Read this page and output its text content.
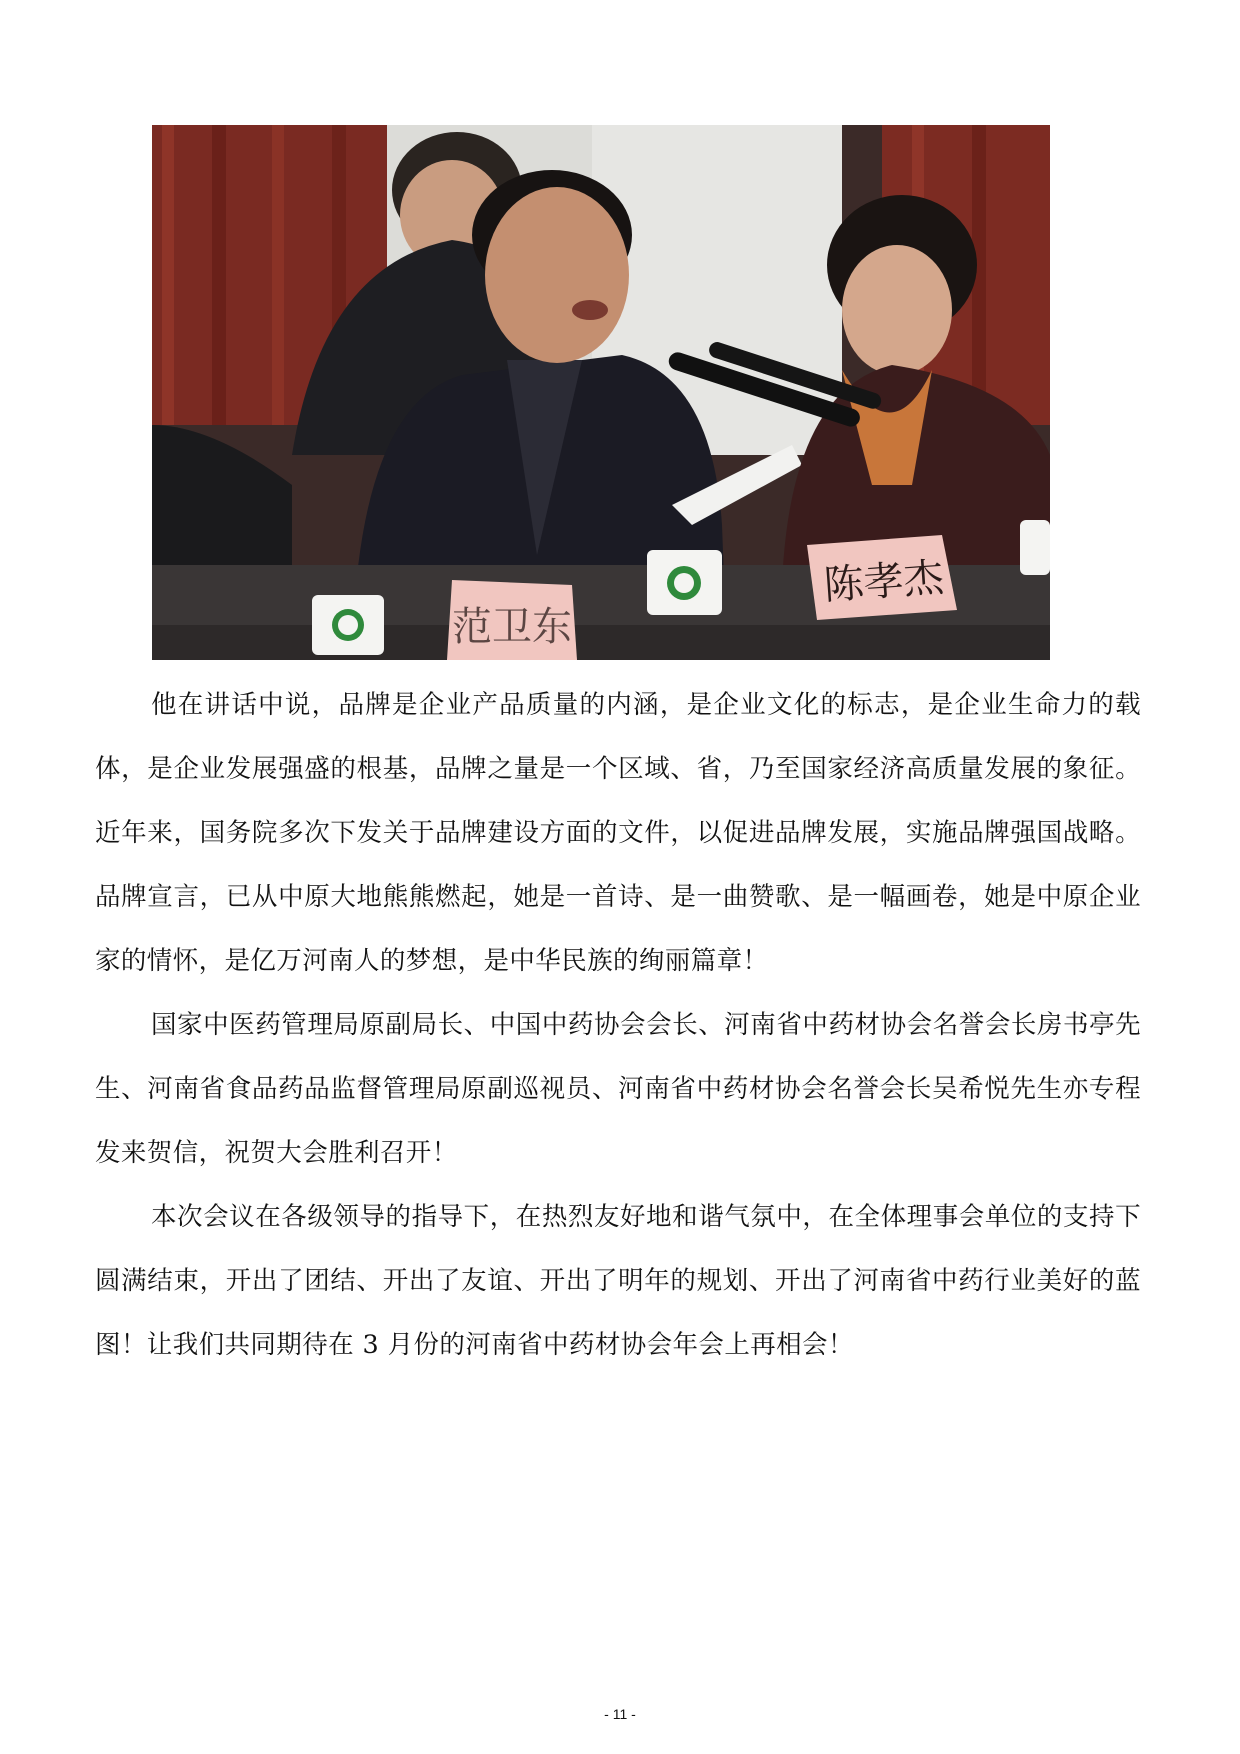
范卫东
陈孝杰

他在讲话中说，品牌是企业产品质量的内涵，是企业文化的标志，是企业生命力的载体，是企业发展强盛的根基，品牌之量是一个区域、省，乃至国家经济高质量发展的象征。近年来，国务院多次下发关于品牌建设方面的文件，以促进品牌发展，实施品牌强国战略。品牌宣言，已从中原大地熊熊燃起，她是一首诗、是一曲赞歌、是一幅画卷，她是中原企业家的情怀，是亿万河南人的梦想，是中华民族的绚丽篇章！

国家中医药管理局原副局长、中国中药协会会长、河南省中药材协会名誉会长房书亭先生、河南省食品药品监督管理局原副巡视员、河南省中药材协会名誉会长吴希悦先生亦专程发来贺信，祝贺大会胜利召开！

本次会议在各级领导的指导下，在热烈友好地和谐气氛中，在全体理事会单位的支持下圆满结束，开出了团结、开出了友谊、开出了明年的规划、开出了河南省中药行业美好的蓝图！让我们共同期待在 3 月份的河南省中药材协会年会上再相会！

- 11 -
